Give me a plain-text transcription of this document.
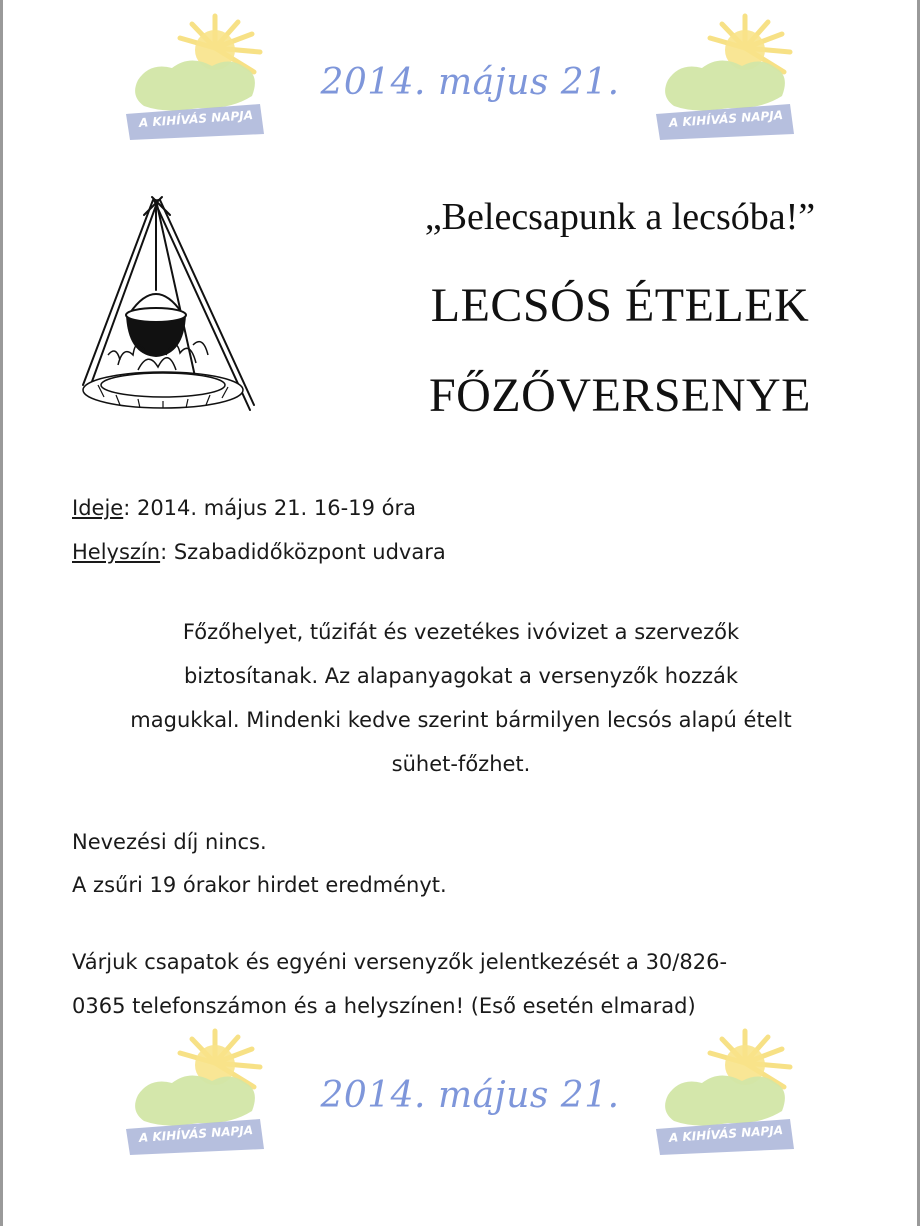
A KIHÍVÁS NAPJA
2014. május 21.
A KIHÍVÁS NAPJA
„Belecsapunk a lecsóba!”
LECSÓS ÉTELEK
FŐZŐVERSENYE
Ideje: 2014. május 21. 16-19 óra
Helyszín: Szabadidőközpont udvara
Főzőhelyet, tűzifát és vezetékes ivóvizet a szervezők
biztosítanak. Az alapanyagokat a versenyzők hozzák
magukkal. Mindenki kedve szerint bármilyen lecsós alapú ételt
sühet-főzhet.
Nevezési díj nincs.
A zsűri 19 órakor hirdet eredményt.
Várjuk csapatok és egyéni versenyzők jelentkezését a 30/826-
0365 telefonszámon és a helyszínen! (Eső esetén elmarad)
A KIHÍVÁS NAPJA
2014. május 21.
A KIHÍVÁS NAPJA
